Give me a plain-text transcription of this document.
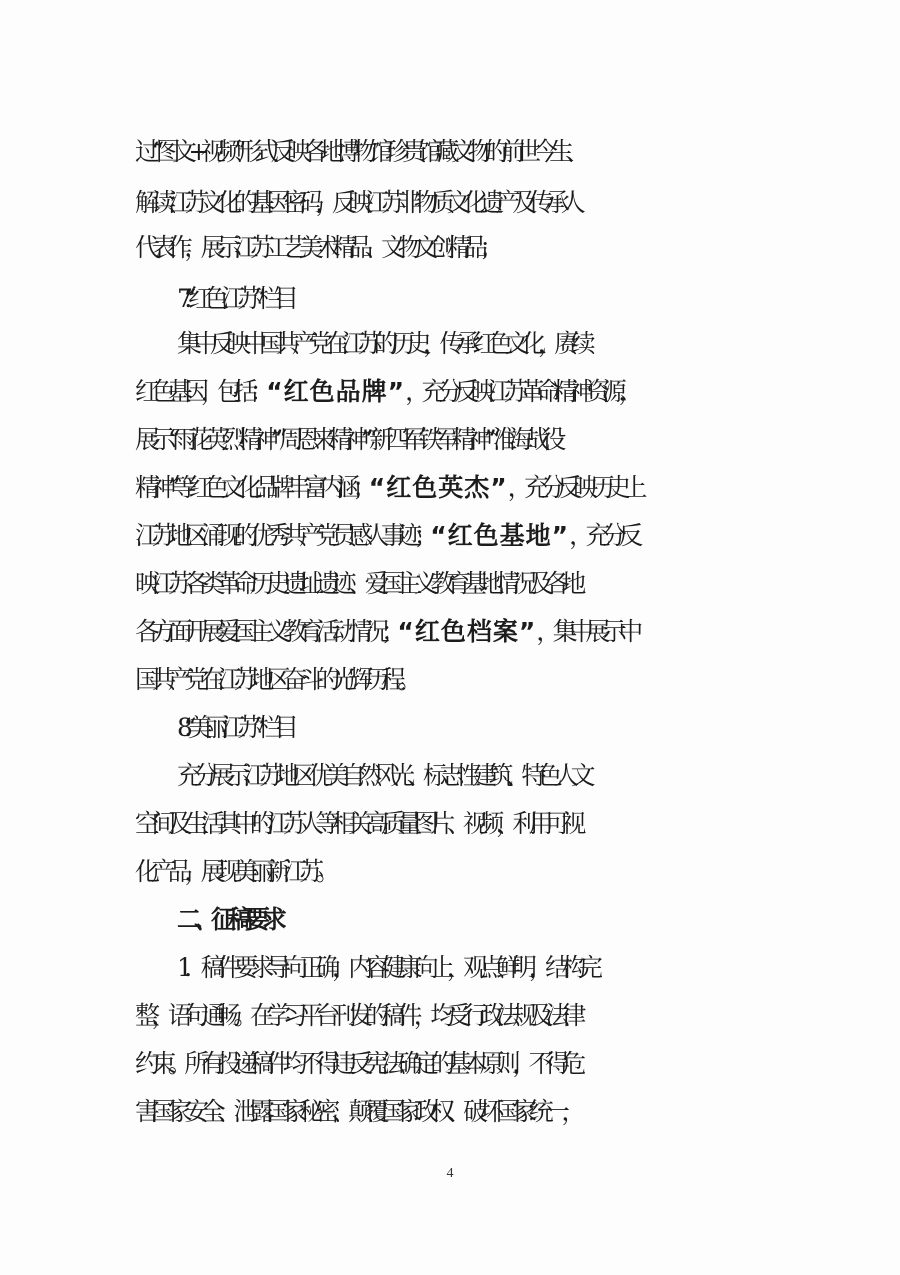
过“图文+视频”形式反映各地博物馆珍贵馆藏文物的前世今生 、
解读江苏文化的基因密码，反映江苏非物质文化遗产及传承 人
代表作，展示江苏工艺美术精品、文物文创精品；
7.“红色江苏”栏目
集中反映中国共产党在江苏的历史，传承红色文化，赓续
红色基因，包括：“红色品牌”，充分反映江苏革命精神资源，
展示“雨花英烈精神”“周恩来精神”“新四军铁军精神”“淮海战役
精神”等红色文化品牌丰富内涵；“红色英杰”，充分反映历史上
江苏地区涌现的优秀共产党员感人事迹；“红色基地”，充分反
映江苏各类革命历史遗址遗迹、爱国主义教育基地情况及各地
各方面开展爱国主义教育活动情况；“红色档案”，集中展示中
国共产党在江苏地区奋斗的光辉历程。
8.“美丽江苏”栏目
充分展示江苏地区优美自然风光、标志性建筑、特色人文
空间及生活其中的江苏人等相关高质量图片、视频，利用可视
化产品，展现美丽新江苏。
二、征稿要求
1．稿件要求导向正确，内容健康向上，观点鲜明，结构完
整，语句通畅。在学习平台刊发的稿件，均受行政法规及法律
约束。所有投递稿件均不得违反宪法确定的基本原则，不得危
害国家安全、泄露国家秘密、颠覆国家政权、破坏国家统一，
4
